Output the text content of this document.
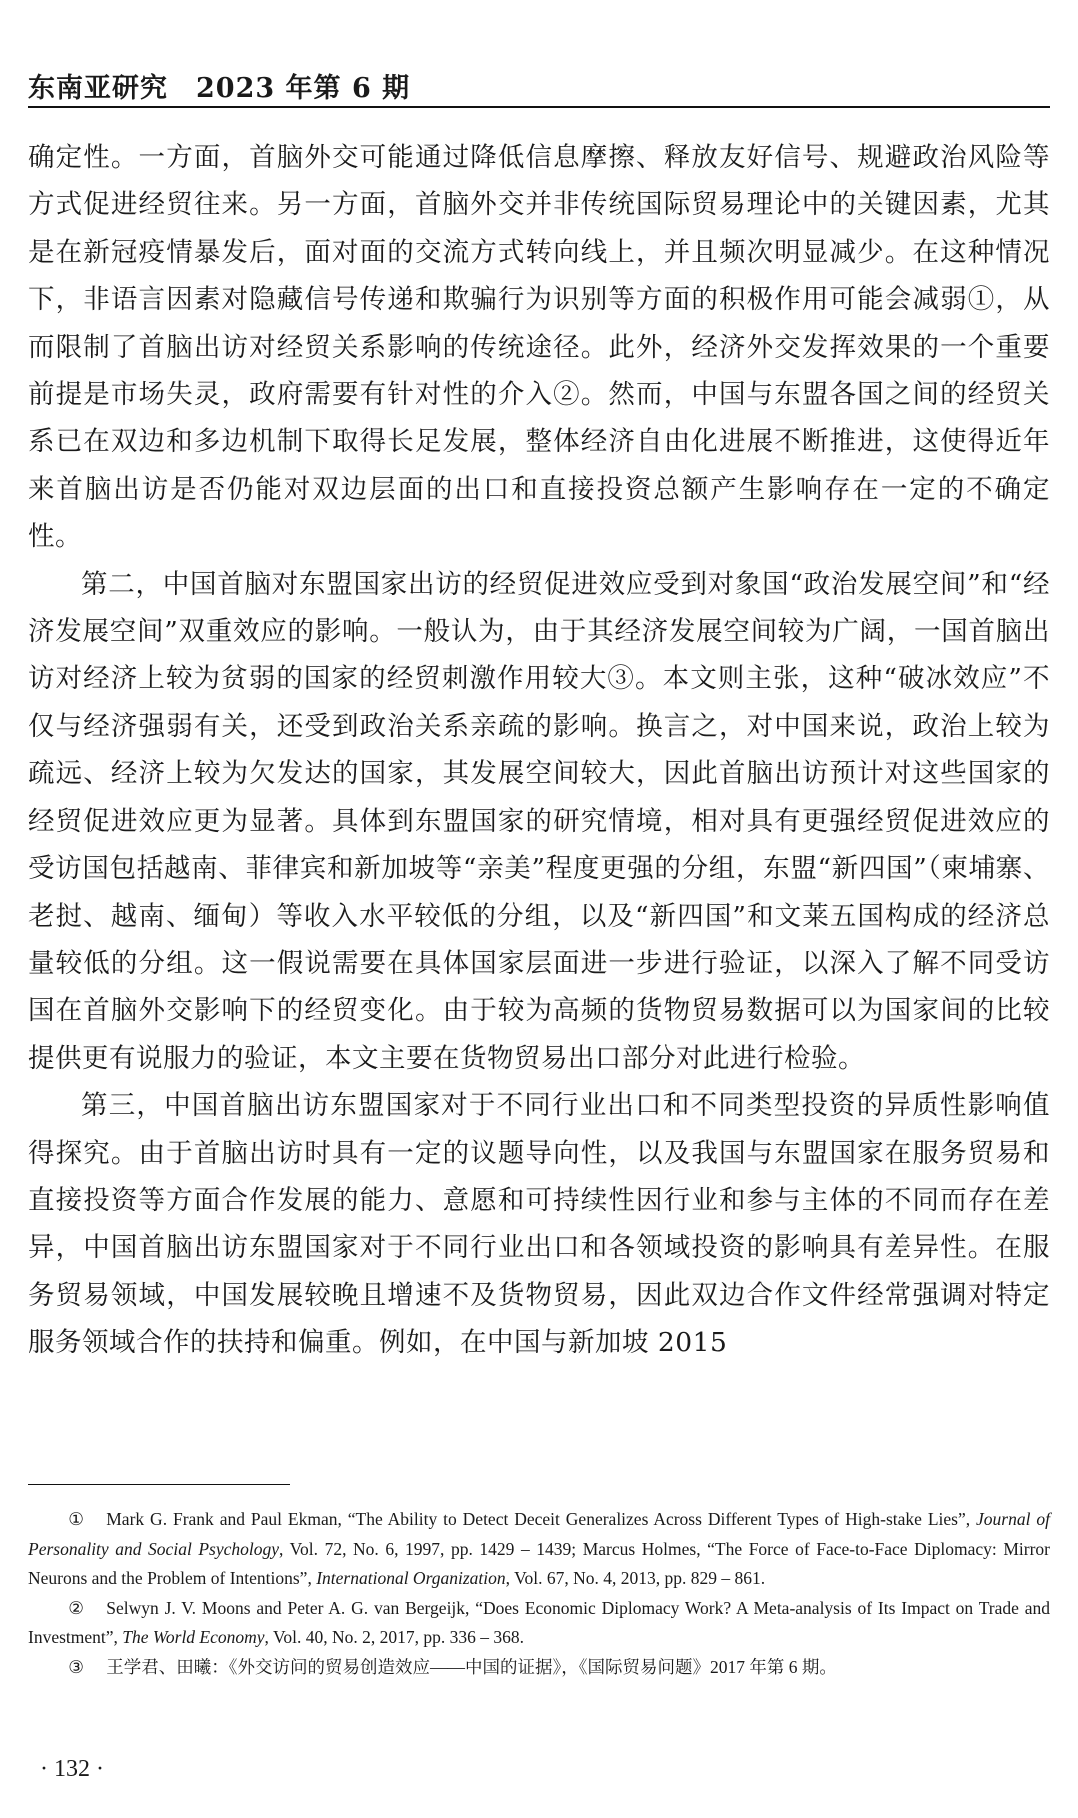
东南亚研究 2023 年第 6 期

确定性。一方面，首脑外交可能通过降低信息摩擦、释放友好信号、规避政治风险等方式促进经贸往来。另一方面，首脑外交并非传统国际贸易理论中的关键因素，尤其是在新冠疫情暴发后，面对面的交流方式转向线上，并且频次明显减少。在这种情况下，非语言因素对隐藏信号传递和欺骗行为识别等方面的积极作用可能会减弱①，从而限制了首脑出访对经贸关系影响的传统途径。此外，经济外交发挥效果的一个重要前提是市场失灵，政府需要有针对性的介入②。然而，中国与东盟各国之间的经贸关系已在双边和多边机制下取得长足发展，整体经济自由化进展不断推进，这使得近年来首脑出访是否仍能对双边层面的出口和直接投资总额产生影响存在一定的不确定性。

第二，中国首脑对东盟国家出访的经贸促进效应受到对象国“政治发展空间”和“经济发展空间”双重效应的影响。一般认为，由于其经济发展空间较为广阔，一国首脑出访对经济上较为贫弱的国家的经贸刺激作用较大③。本文则主张，这种“破冰效应”不仅与经济强弱有关，还受到政治关系亲疏的影响。换言之，对中国来说，政治上较为疏远、经济上较为欠发达的国家，其发展空间较大，因此首脑出访预计对这些国家的经贸促进效应更为显著。具体到东盟国家的研究情境，相对具有更强经贸促进效应的受访国包括越南、菲律宾和新加坡等“亲美”程度更强的分组，东盟“新四国”（柬埔寨、老挝、越南、缅甸）等收入水平较低的分组，以及“新四国”和文莱五国构成的经济总量较低的分组。这一假说需要在具体国家层面进一步进行验证，以深入了解不同受访国在首脑外交影响下的经贸变化。由于较为高频的货物贸易数据可以为国家间的比较提供更有说服力的验证，本文主要在货物贸易出口部分对此进行检验。

第三，中国首脑出访东盟国家对于不同行业出口和不同类型投资的异质性影响值得探究。由于首脑出访时具有一定的议题导向性，以及我国与东盟国家在服务贸易和直接投资等方面合作发展的能力、意愿和可持续性因行业和参与主体的不同而存在差异，中国首脑出访东盟国家对于不同行业出口和各领域投资的影响具有差异性。在服务贸易领域，中国发展较晚且增速不及货物贸易，因此双边合作文件经常强调对特定服务领域合作的扶持和偏重。例如，在中国与新加坡 2015

① Mark G. Frank and Paul Ekman, “The Ability to Detect Deceit Generalizes Across Different Types of High-stake Lies”, Journal of Personality and Social Psychology, Vol. 72, No. 6, 1997, pp. 1429 – 1439; Marcus Holmes, “The Force of Face-to-Face Diplomacy: Mirror Neurons and the Problem of Intentions”, International Organization, Vol. 67, No. 4, 2013, pp. 829 – 861.

② Selwyn J. V. Moons and Peter A. G. van Bergeijk, “Does Economic Diplomacy Work? A Meta-analysis of Its Impact on Trade and Investment”, The World Economy, Vol. 40, No. 2, 2017, pp. 336 – 368.

③ 王学君、田曦：《外交访问的贸易创造效应——中国的证据》，《国际贸易问题》2017 年第 6 期。

· 132 ·
